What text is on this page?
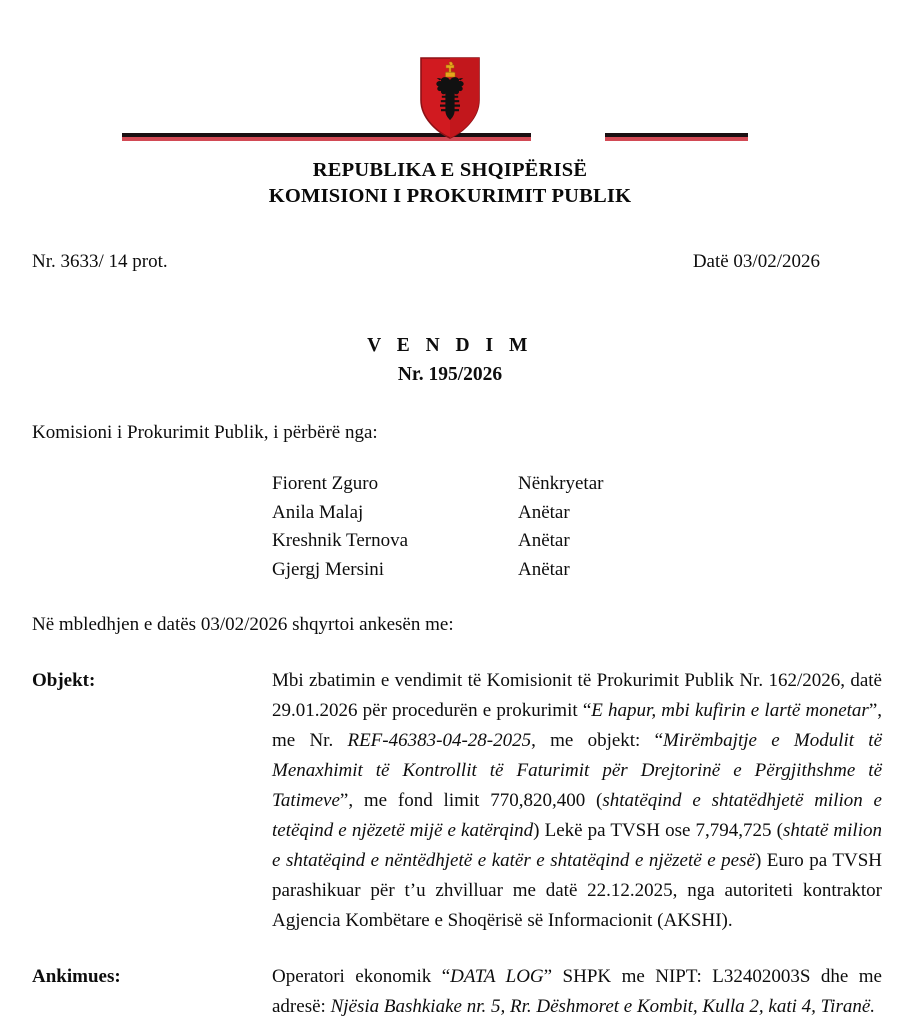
REPUBLIKA E SHQIPËRISË
KOMISIONI I PROKURIMIT PUBLIK
Nr. 3633/ 14 prot.	Datë 03/02/2026
V E N D I M
Nr. 195/2026
Komisioni i Prokurimit Publik, i përbërë nga:
Fiorent Zguro	Nënkryetar
Anila Malaj	Anëtar
Kreshnik Ternova	Anëtar
Gjergj Mersini	Anëtar
Në mbledhjen e datës 03/02/2026 shqyrtoi ankesën me:
Objekt:	Mbi zbatimin e vendimit të Komisionit të Prokurimit Publik Nr. 162/2026, datë 29.01.2026 për procedurën e prokurimit “E hapur, mbi kufirin e lartë monetar”, me Nr. REF-46383-04-28-2025, me objekt: “Mirëmbajtje e Modulit të Menaxhimit të Kontrollit të Faturimit për Drejtorinë e Përgjithshme të Tatimeve”, me fond limit 770,820,400 (shtatëqind e shtatëdhjetë milion e tetëqind e njëzetë mijë e katërqind) Lekë pa TVSH ose 7,794,725 (shtatë milion e shtatëqind e nëntëdhjetë e katër e shtatëqind e njëzetë e pesë) Euro pa TVSH parashikuar për t’u zhvilluar me datë 22.12.2025, nga autoriteti kontraktor Agjencia Kombëtare e Shoqërisë së Informacionit (AKSHI).
Ankimues:	Operatori ekonomik “DATA LOG” SHPK me NIPT: L32402003S dhe me adresë: Njësia Bashkiake nr. 5, Rr. Dëshmoret e Kombit, Kulla 2, kati 4, Tiranë.
